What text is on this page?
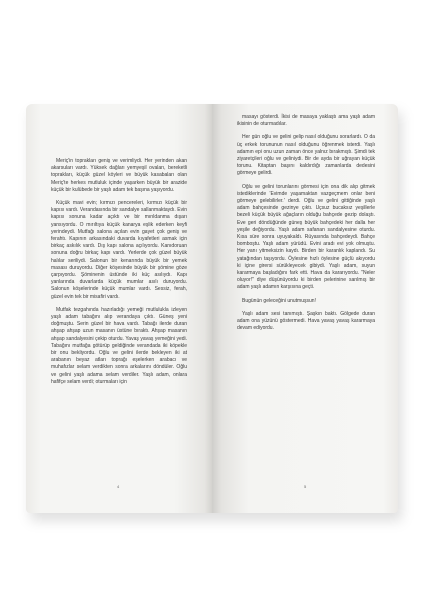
Meriç'in toprakları geniş ve verimliydi. Her yerinden akan akarsuları vardı. Yüksek dağları yemyeşil ovaları, bereketli toprakları, küçük güzel köyleri ve büyük kasabaları olan Meriç'te herkes mutluluk içinde yaşarken büyük bir arazide küçük bir kulübede bir yaşlı adam tek başına yaşıyordu.

Küçük mavi evin; kırmızı pencereleri, kırmızı küçük bir kapısı vardı. Verandasında bir sandalye sallanmaktaydı. Evin kapısı sonuna kadar açıktı ve bir mırıldanma dışarı yansıyordu. O mırıltıya küçük kanarya eşlik ederken keyfi yerindeydi. Mutfağı salona açılan evin gayet çok geniş ve ferahtı. Kapının arkasındaki duvarda kıyafetleri asmak için birkaç askılık vardı. Dış kapı salona açılıyordu. Kanıdoruan sonuna doğru birkaç kapı vardı. Yerlerde çok güzel büyük halılar seriliydi. Salonun bir kenarında büyük bir yemek masası duruyordu. Diğer köşesinde büyük bir şömine göze çarpıyordu. Şöminenin üstünde iki küç asılıydı. Kapı yanlarında duvarlarda küçük mumlar asılı duruyordu. Salonun köşelerinde küçük mumlar vardı. Sessiz, ferah, güzel evin tek bir misafiri vardı.

Mutfak tezgahında hazırladığı yemeği mutlulukla izleyen yaşlı adam tabağını alıp verandaya çıktı. Güneş yeni doğmuştu. Serin güzel bir hava vardı. Tabağı ilerde duran ahşap ahşap uzun masanın üstüne bıraktı. Ahşap masanın ahşap sandalyesini çekip oturdu. Yavaş yavaş yemeğini yedi. Tabağını mutfağa götürüp geldiğinde verandada iki köpekle bir onu bekliyordu. Oğlu ve gelini ilerde bekleyen iki at arabanın beyaz atları toprağı eşelerken arabacı ve muhafızlar selam verdikten sonra arkalarını döndüler. Oğlu ve gelini yaşlı adama selam verdiler. Yaşlı adam, onlara hafifçe selam verdi; oturmaları için

4

masayı gösterdi. İkisi de masaya yaklaştı ama yaşlı adam ikisinin de oturmadılar.

Her gün oğlu ve gelini gelip nasıl olduğunu sorarlardı. O da üç erkek torununun nasıl olduğunu öğrenmek isterdi. Yaşlı adamın epi onu uzun zaman önce yalnız bırakmıştı. Şimdi tek ziyaretçileri oğlu ve geliniydi. Bir de ayda bir uğrayan küçük torunu. Kitaptan başını kaldırdığı zamanlarda dedesini görmeye gelirdi.

Oğlu ve gelini torunlarını görmesi için ona dik alıp gitmek istediklerinde 'Evimde yaşamaktan vazgeçmem onlar beni görmeye gelebilirler.' derdi. Oğlu ve gelini gittiğinde yaşlı adam bahçesinde gezinye çıktı. Uçsuz bucaksız yeşillerle bezeli küçük büyük ağaçların olduğu bahçede gezip dolaştı. Eve geri döndüğünde güneş büyük bahçedeki her dalla her yeşile değiyordu. Yaşlı adam safanan sandalyesine oturdu. Kısa süre sonra uyuyakaldı. Rüyasında bahçedeydi. Bahçe bomboştu. Yaşlı adam yürüdü. Evini aradı evi yok olmuştu. Her yanı yitmeksizin kaydı. Birden bir karanlık kaplandı. Su yatağından taşıyordu. Öylesine hızlı öylesine güçlü akıyordu ki içine girersi sürükleyecek gibiydi. Yaşlı adam, suyun kararmaya başladığını fark etti. Hava da kararıyordu. "Neler oluyor!" diye düşünüyordu ki birden pelerinine sarılmış bir adam yaşlı adamın karşısına geçti.

Bugünün geleceğini unutmuşsun!

Yaşlı adam sesi tanımıştı. Şaşkın baktı. Gölgede duran adam ona yüzünü göstermedi. Hava yavaş yavaş kararmaya devam ediyordu.

5
